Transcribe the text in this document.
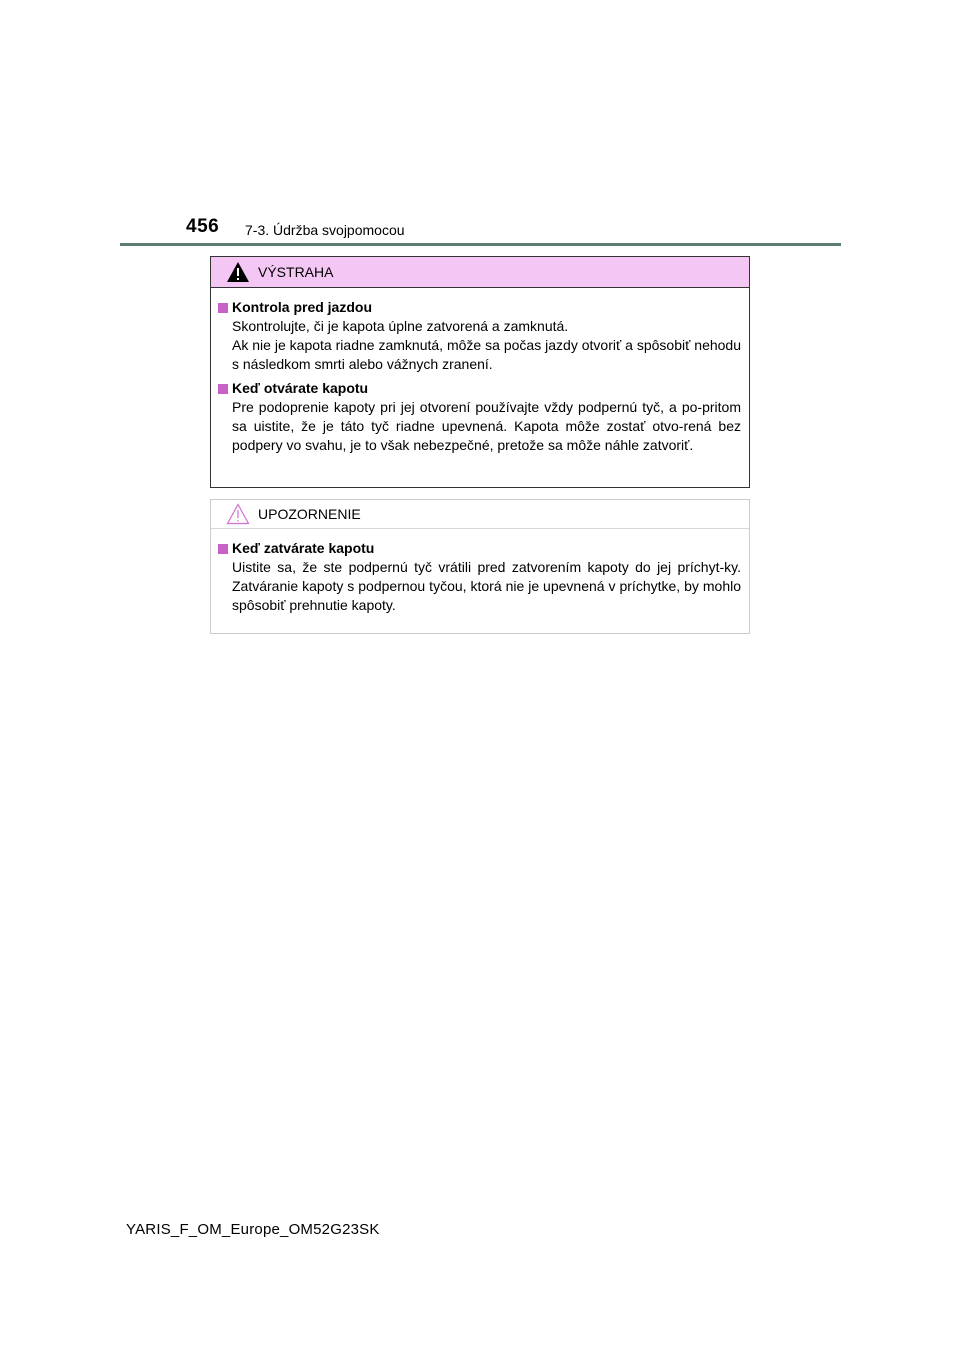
456 7-3. Údržba svojpomocou
VÝSTRAHA
Kontrola pred jazdou

Skontrolujte, či je kapota úplne zatvorená a zamknutá.

Ak nie je kapota riadne zamknutá, môže sa počas jazdy otvoriť a spôsobiť nehodu s následkom smrti alebo vážnych zranení.

Keď otvárate kapotu

Pre podoprenie kapoty pri jej otvorení používajte vždy podpernú tyč, a po-pritom sa uistite, že je táto tyč riadne upevnená. Kapota môže zostať otvo-rená bez podpery vo svahu, je to však nebezpečné, pretože sa môže náhle zatvoriť.

UPOZORNENIE
Keď zatvárate kapotu

Uistite sa, že ste podpernú tyč vrátili pred zatvorením kapoty do jej príchyt-ky. Zatváranie kapoty s podpernou tyčou, ktorá nie je upevnená v príchytke, by mohlo spôsobiť prehnutie kapoty.

YARIS_F_OM_Europe_OM52G23SK
